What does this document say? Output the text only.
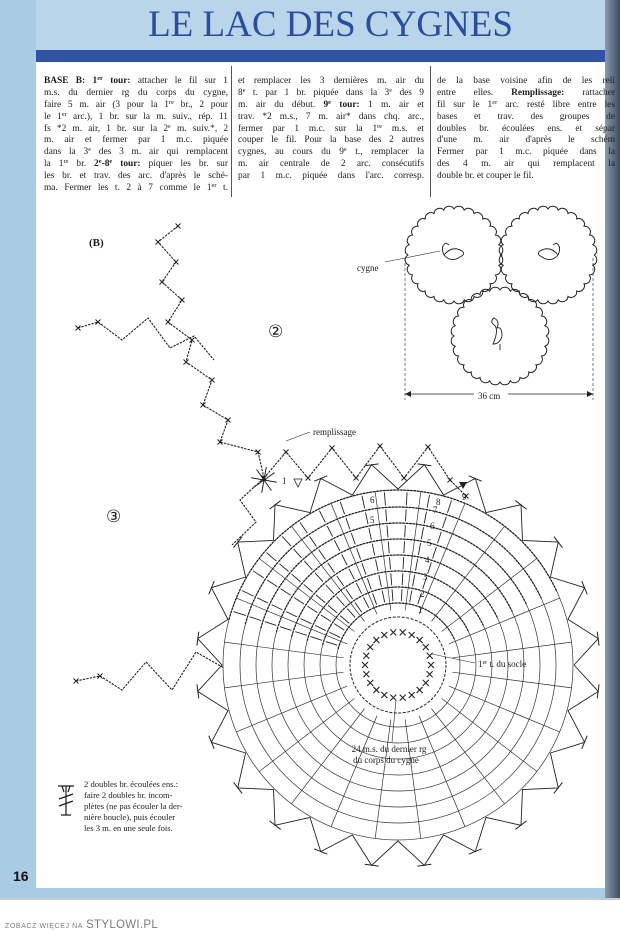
LE LAC DES CYGNES
BASE B: 1er tour: attacher le fil sur 1
m.s. du dernier rg du corps du cygne,
faire 5 m. air (3 pour la 1re br., 2 pour
le 1er arc.), 1 br. sur la m. suiv., rép. 11
fs *2 m. air, 1 br. sur la 2e m. suiv.*, 2
m. air et fermer par 1 m.c. piquée
dans la 3e des 3 m. air qui remplacent
la 1re br. 2e-8e tour: piquer les br. sur
les br. et trav. des arc. d'après le sché-
ma. Fermer les t. 2 à 7 comme le 1er t.
et remplacer les 3 dernières m. air du
8e t. par 1 br. piquée dans la 3e des 9
m. air du début. 9e tour: 1 m. air et
trav. *2 m.s., 7 m. air* dans chq. arc.,
fermer par 1 m.c. sur la 1re m.s. et
couper le fil. Pour la base des 2 autres
cygnes, au cours du 9e t., remplacer la
m. air centrale de 2 arc. consécutifs
par 1 m.c. piquée dans l'arc. corresp.
de la base voisine afin de les reli
entre elles. Remplissage: rattacher
fil sur le 1er arc. resté libre entre les
bases et trav. des groupes de
doubles br. écoulées ens. et sépar
d'une m. air d'après le schém
Fermer par 1 m.c. piquée dans la
des 4 m. air qui remplacent la
double br. et couper le fil.
(B)
②
③
remplissage
1
1er t. du socle
24 m.s. du dernier rg
du corps du cygne
cygne
36 cm
1
2
3
4
5
6
7
8 9
6
5
2 doubles br. écoulées ens.:
faire 2 doubles br. incom-
plètes (ne pas écouler la der-
nière boucle), puis écouler
les 3 m. en une seule fois.
16
ZOBACZ WIĘCEJ NA STYLOWI.PL
